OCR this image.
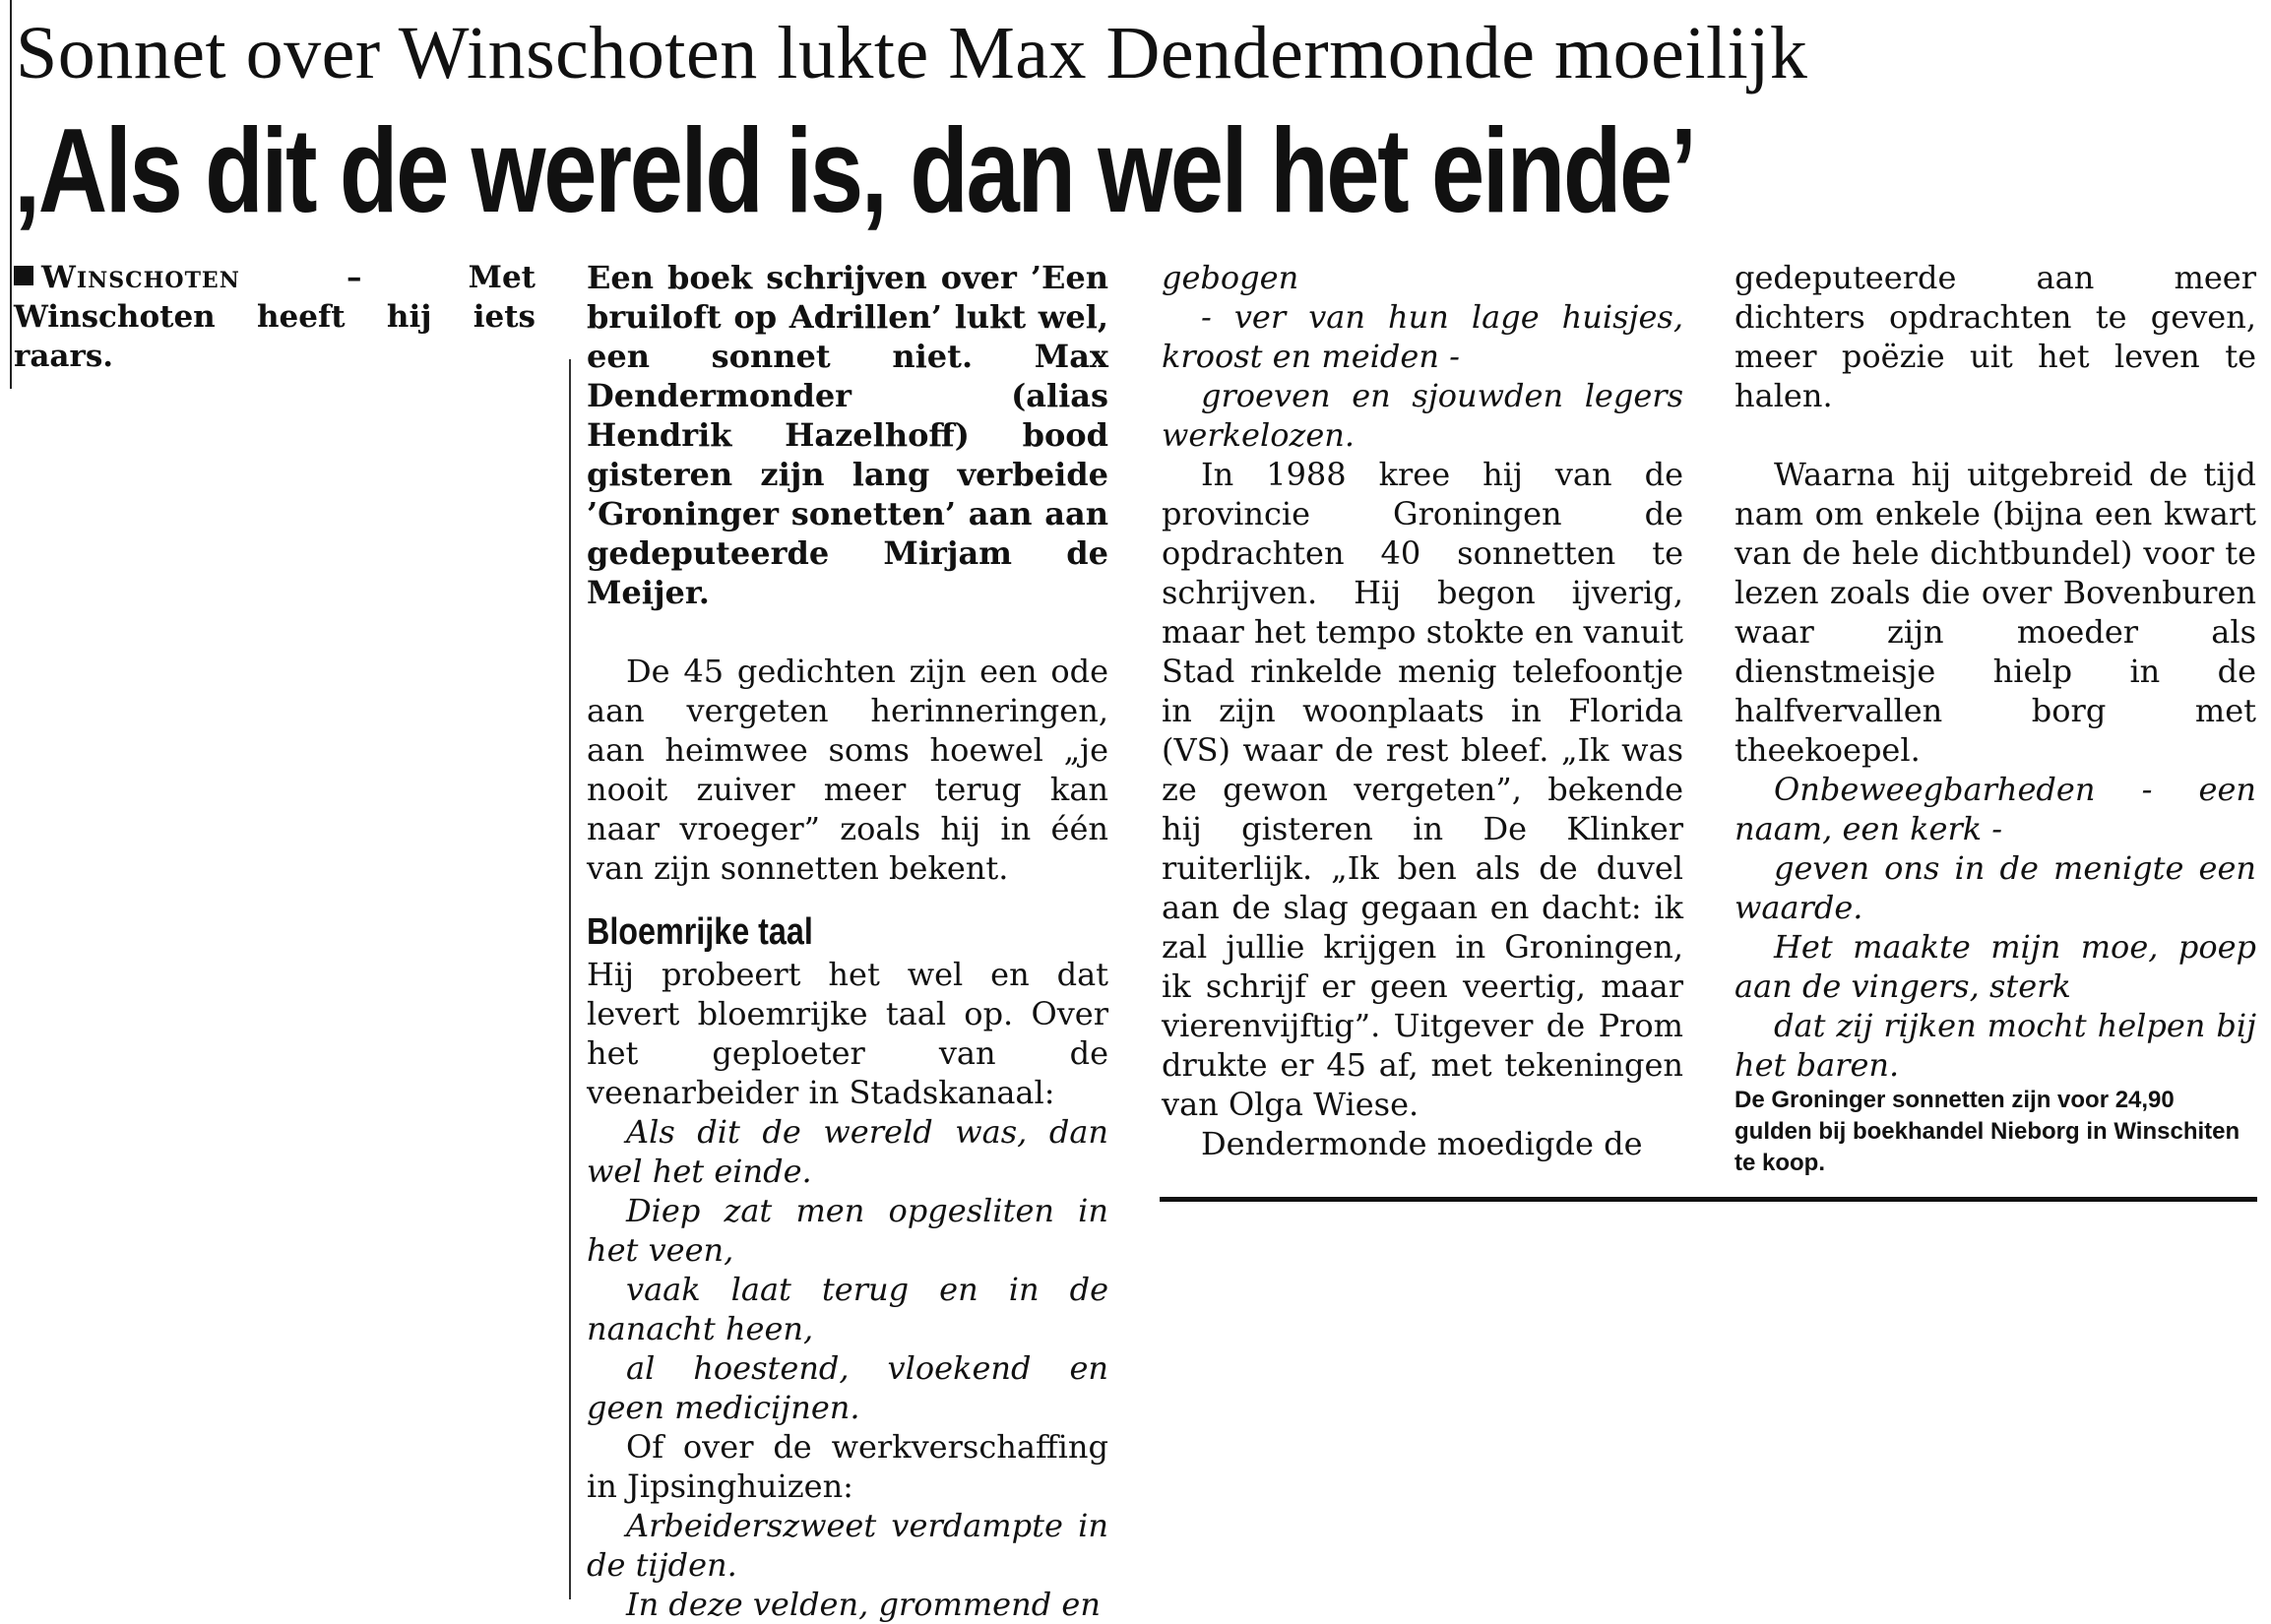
Sonnet over Winschoten lukte Max Dendermonde moeilijk
‚Als dit de wereld is, dan wel het einde’

Winschoten – Met Winschoten heeft hij iets raars.

Een boek schrijven over ’Een bruiloft op Adrillen’ lukt wel, een sonnet niet. Max Dendermonder (alias Hendrik Hazelhoff) bood gisteren zijn lang verbeide ’Groninger sonetten’ aan aan gedeputeerde Mirjam de Meijer.

De 45 gedichten zijn een ode aan vergeten herinneringen, aan heimwee soms hoewel „je nooit zuiver meer terug kan naar vroeger” zoals hij in één van zijn sonnetten bekent.

Bloemrijke taal

Hij probeert het wel en dat levert bloemrijke taal op. Over het geploeter van de veenarbeider in Stadskanaal:

Als dit de wereld was, dan wel het einde.

Diep zat men opgesliten in het veen,

vaak laat terug en in de nanacht heen,

al hoestend, vloekend en geen medicijnen.

Of over de werkverschaffing in Jipsinghuizen:

Arbeiderszweet verdampte in de tijden.

In deze velden, grommend en

gebogen

- ver van hun lage huisjes, kroost en meiden -

groeven en sjouwden legers werkelozen.

In 1988 kree hij van de provincie Groningen de opdrachten 40 sonnetten te schrijven. Hij begon ijverig, maar het tempo stokte en vanuit Stad rinkelde menig telefoontje in zijn woonplaats in Florida (VS) waar de rest bleef. „Ik was ze gewon vergeten”, bekende hij gisteren in De Klinker ruiterlijk. „Ik ben als de duvel aan de slag gegaan en dacht: ik zal jullie krijgen in Groningen, ik schrijf er geen veertig, maar vierenvijftig”. Uitgever de Prom drukte er 45 af, met tekeningen van Olga Wiese.

Dendermonde moedigde de

gedeputeerde aan meer dichters opdrachten te geven, meer poëzie uit het leven te halen.

Waarna hij uitgebreid de tijd nam om enkele (bijna een kwart van de hele dichtbundel) voor te lezen zoals die over Bovenburen waar zijn moeder als dienstmeisje hielp in de halfvervallen borg met theekoepel.

Onbeweegbarheden - een naam, een kerk -

geven ons in de menigte een waarde.

Het maakte mijn moe, poep aan de vingers, sterk

dat zij rijken mocht helpen bij het baren.

De Groninger sonnetten zijn voor 24,90 gulden bij boekhandel Nieborg in Winschiten te koop.
